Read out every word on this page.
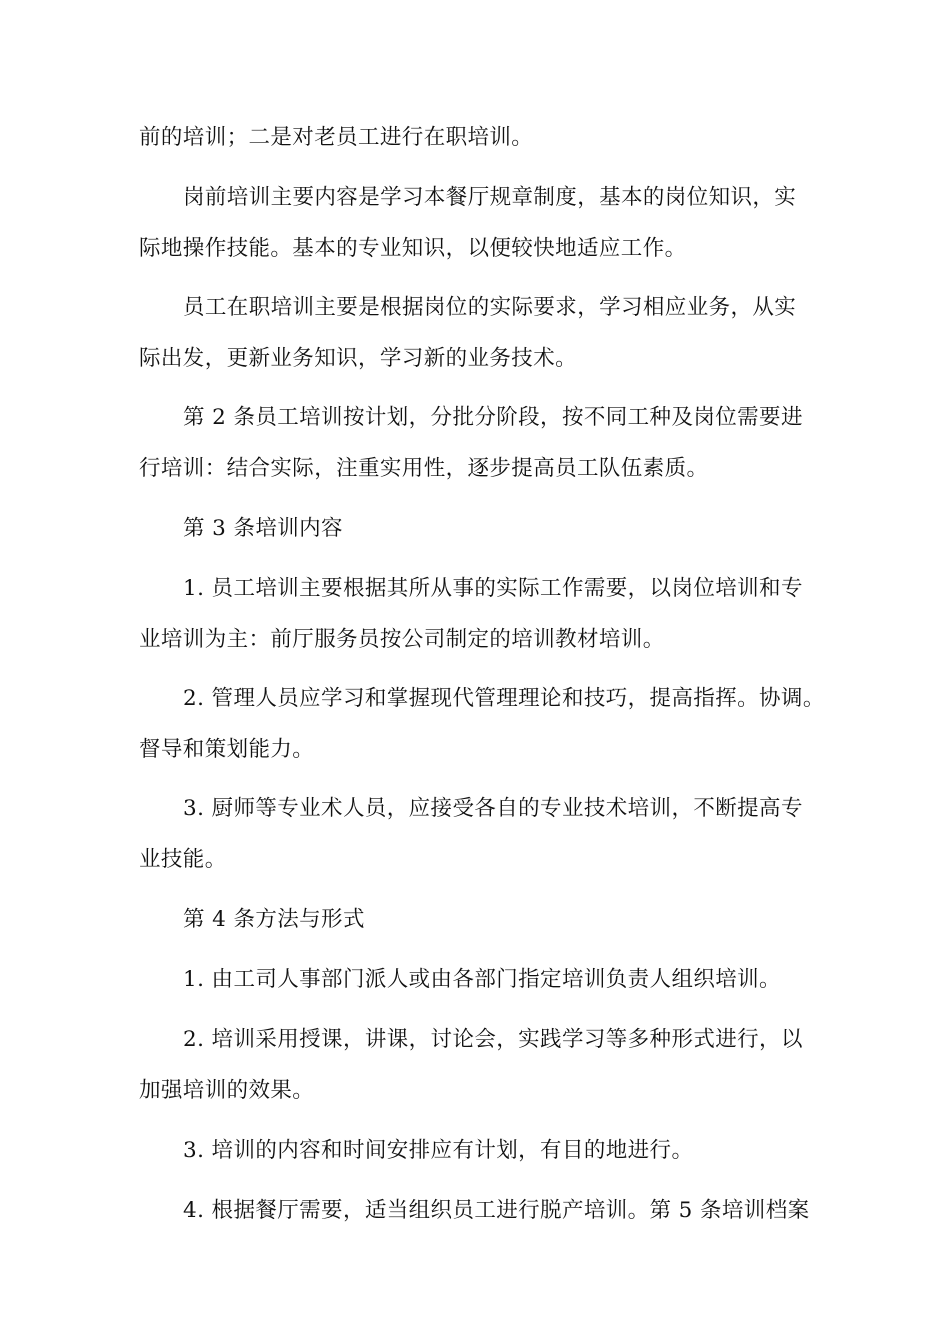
前的培训；二是对老员工进行在职培训。
岗前培训主要内容是学习本餐厅规章制度，基本的岗位知识，实
际地操作技能。基本的专业知识，以便较快地适应工作。
员工在职培训主要是根据岗位的实际要求，学习相应业务，从实
际出发，更新业务知识，学习新的业务技术。
第 2 条员工培训按计划，分批分阶段，按不同工种及岗位需要进
行培训：结合实际，注重实用性，逐步提高员工队伍素质。
第 3 条培训内容
1. 员工培训主要根据其所从事的实际工作需要，以岗位培训和专
业培训为主：前厅服务员按公司制定的培训教材培训。
2. 管理人员应学习和掌握现代管理理论和技巧，提高指挥。协调。
督导和策划能力。
3. 厨师等专业术人员，应接受各自的专业技术培训，不断提高专
业技能。
第 4 条方法与形式
1. 由工司人事部门派人或由各部门指定培训负责人组织培训。
2. 培训采用授课，讲课，讨论会，实践学习等多种形式进行，以
加强培训的效果。
3. 培训的内容和时间安排应有计划，有目的地进行。
4. 根据餐厅需要，适当组织员工进行脱产培训。第 5 条培训档案
